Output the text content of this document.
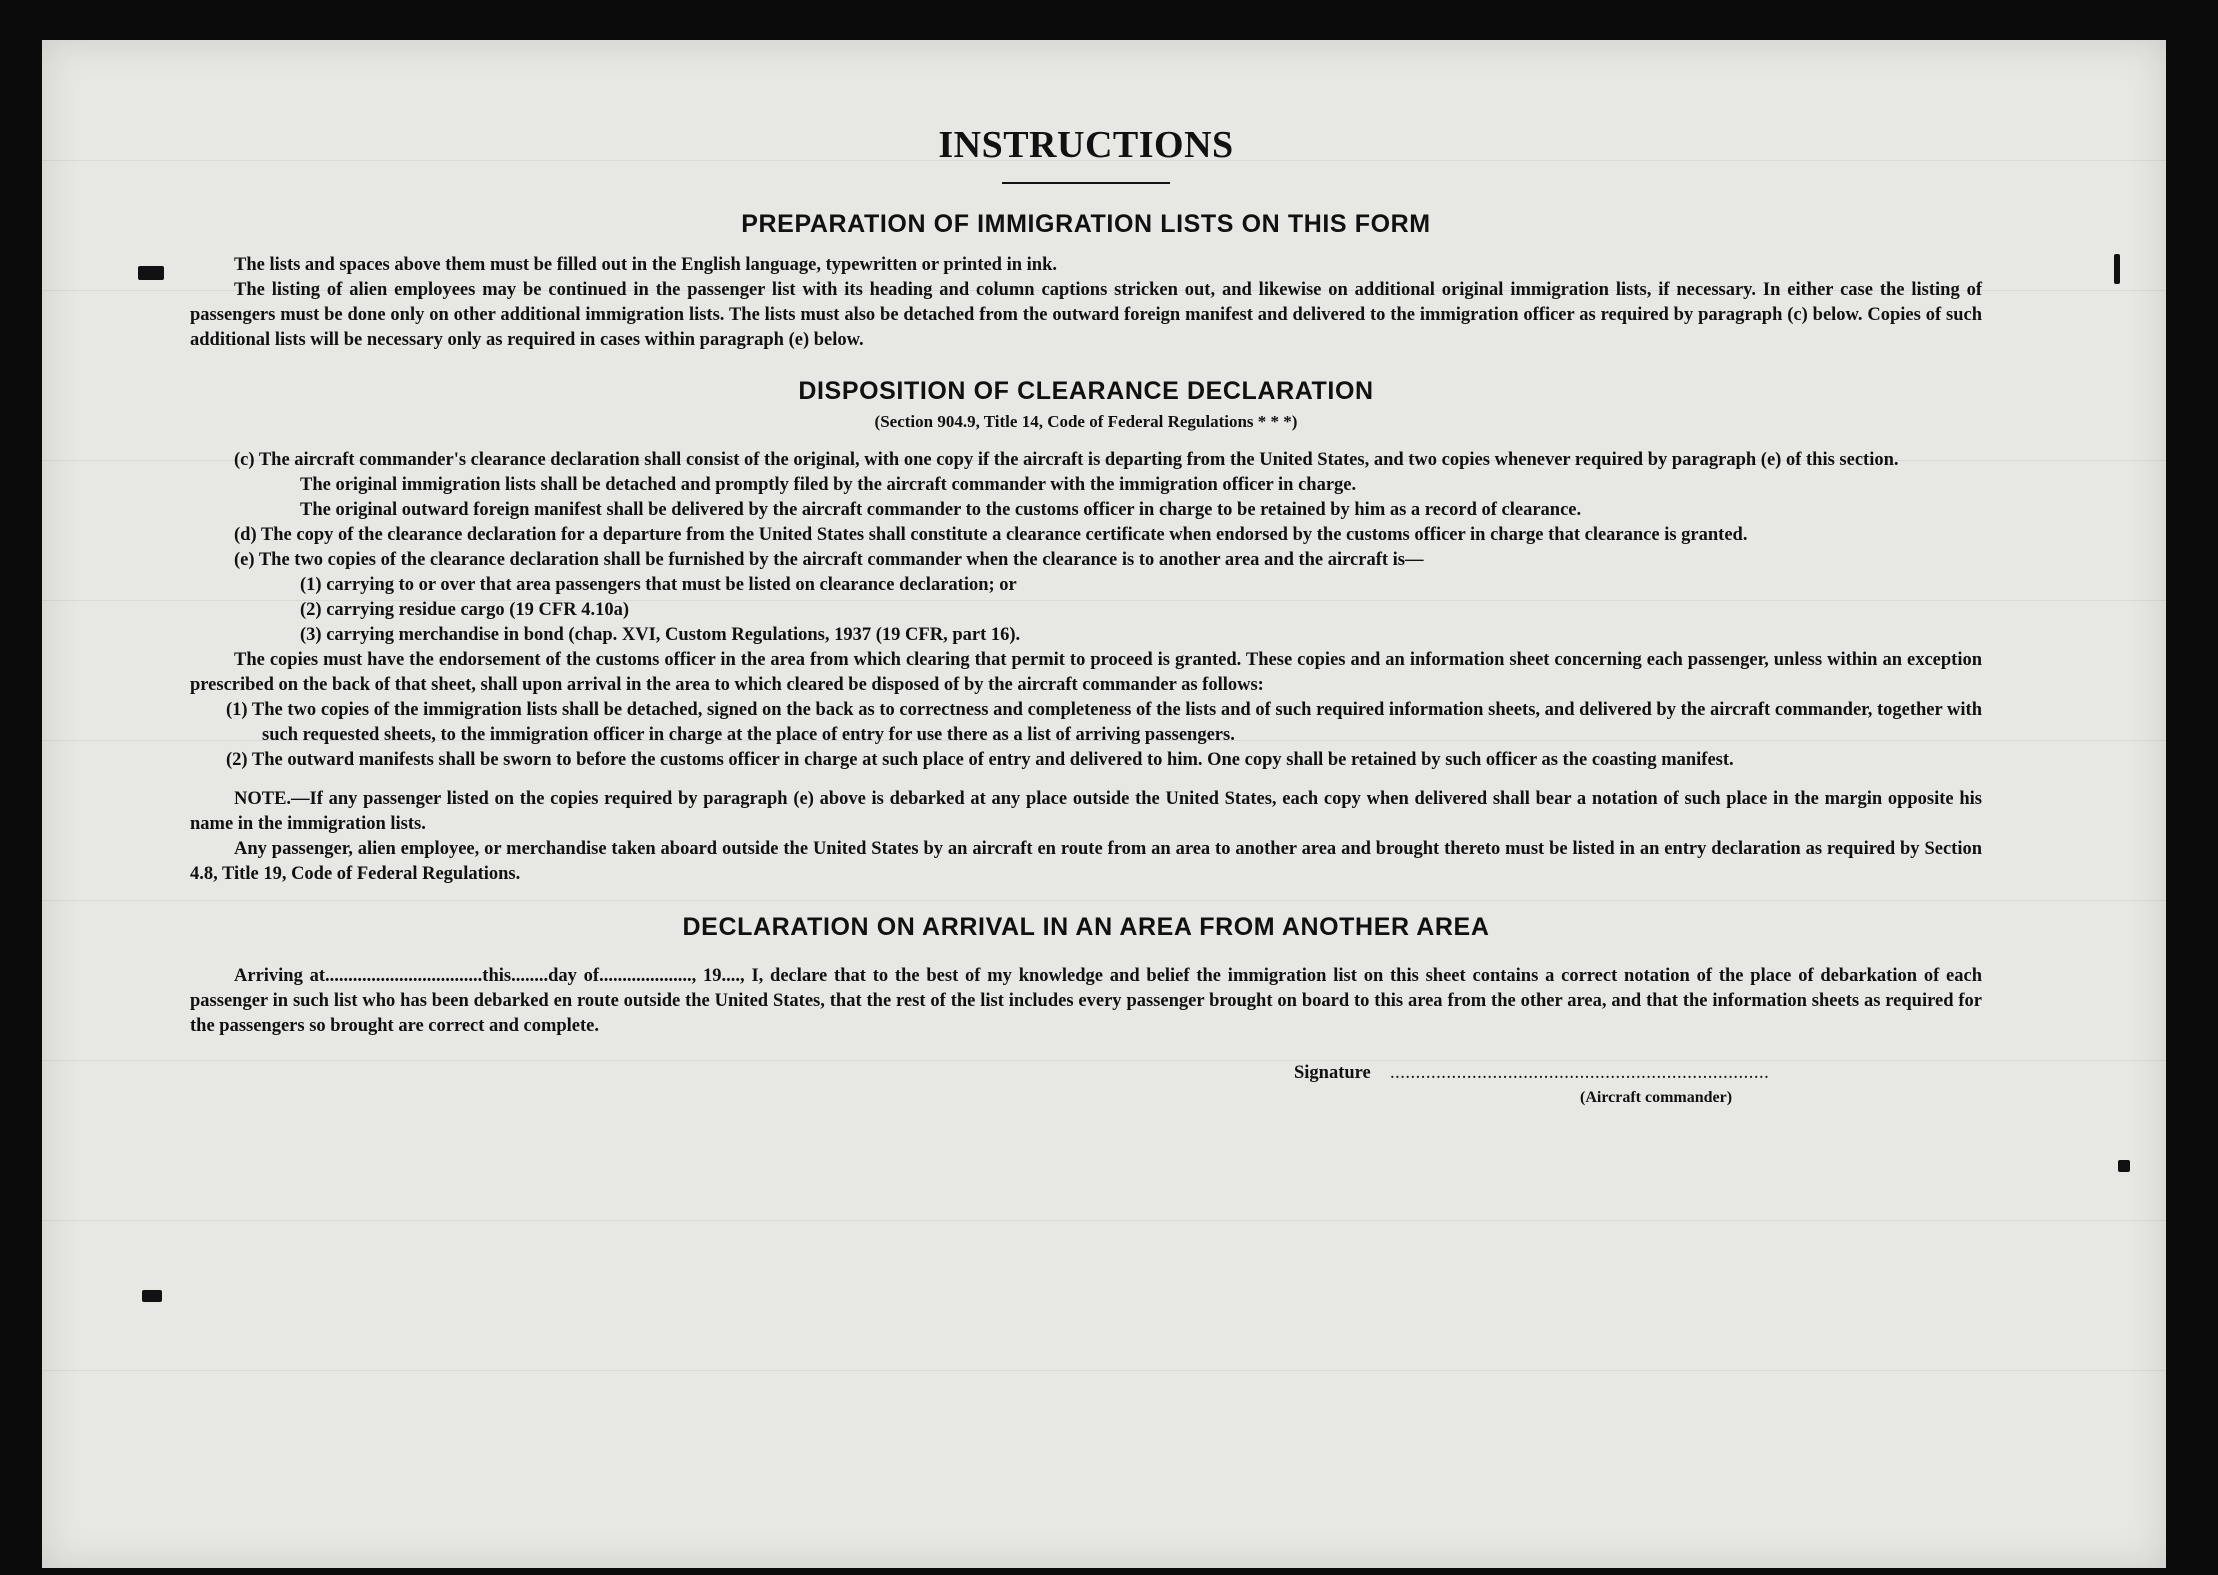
INSTRUCTIONS
PREPARATION OF IMMIGRATION LISTS ON THIS FORM

The lists and spaces above them must be filled out in the English language, typewritten or printed in ink.

The listing of alien employees may be continued in the passenger list with its heading and column captions stricken out, and likewise on additional original immigration lists, if necessary. In either case the listing of passengers must be done only on other additional immigration lists. The lists must also be detached from the outward foreign manifest and delivered to the immigration officer as required by paragraph (c) below. Copies of such additional lists will be necessary only as required in cases within paragraph (e) below.

DISPOSITION OF CLEARANCE DECLARATION
(Section 904.9, Title 14, Code of Federal Regulations * * *)

(c) The aircraft commander's clearance declaration shall consist of the original, with one copy if the aircraft is departing from the United States, and two copies whenever required by paragraph (e) of this section.

The original immigration lists shall be detached and promptly filed by the aircraft commander with the immigration officer in charge.

The original outward foreign manifest shall be delivered by the aircraft commander to the customs officer in charge to be retained by him as a record of clearance.

(d) The copy of the clearance declaration for a departure from the United States shall constitute a clearance certificate when endorsed by the customs officer in charge that clearance is granted.

(e) The two copies of the clearance declaration shall be furnished by the aircraft commander when the clearance is to another area and the aircraft is—

(1) carrying to or over that area passengers that must be listed on clearance declaration; or

(2) carrying residue cargo (19 CFR 4.10a)

(3) carrying merchandise in bond (chap. XVI, Custom Regulations, 1937 (19 CFR, part 16).

The copies must have the endorsement of the customs officer in the area from which clearing that permit to proceed is granted. These copies and an information sheet concerning each passenger, unless within an exception prescribed on the back of that sheet, shall upon arrival in the area to which cleared be disposed of by the aircraft commander as follows:

(1) The two copies of the immigration lists shall be detached, signed on the back as to correctness and completeness of the lists and of such required information sheets, and delivered by the aircraft commander, together with such requested sheets, to the immigration officer in charge at the place of entry for use there as a list of arriving passengers.

(2) The outward manifests shall be sworn to before the customs officer in charge at such place of entry and delivered to him. One copy shall be retained by such officer as the coasting manifest.

NOTE.—If any passenger listed on the copies required by paragraph (e) above is debarked at any place outside the United States, each copy when delivered shall bear a notation of such place in the margin opposite his name in the immigration lists.

Any passenger, alien employee, or merchandise taken aboard outside the United States by an aircraft en route from an area to another area and brought thereto must be listed in an entry declaration as required by Section 4.8, Title 19, Code of Federal Regulations.

DECLARATION ON ARRIVAL IN AN AREA FROM ANOTHER AREA

Arriving at..................................this........day of...................., 19...., I, declare that to the best of my knowledge and belief the immigration list on this sheet contains a correct notation of the place of debarkation of each passenger in such list who has been debarked en route outside the United States, that the rest of the list includes every passenger brought on board to this area from the other area, and that the information sheets as required for the passengers so brought are correct and complete.

Signature ..........................................................................
(Aircraft commander)
